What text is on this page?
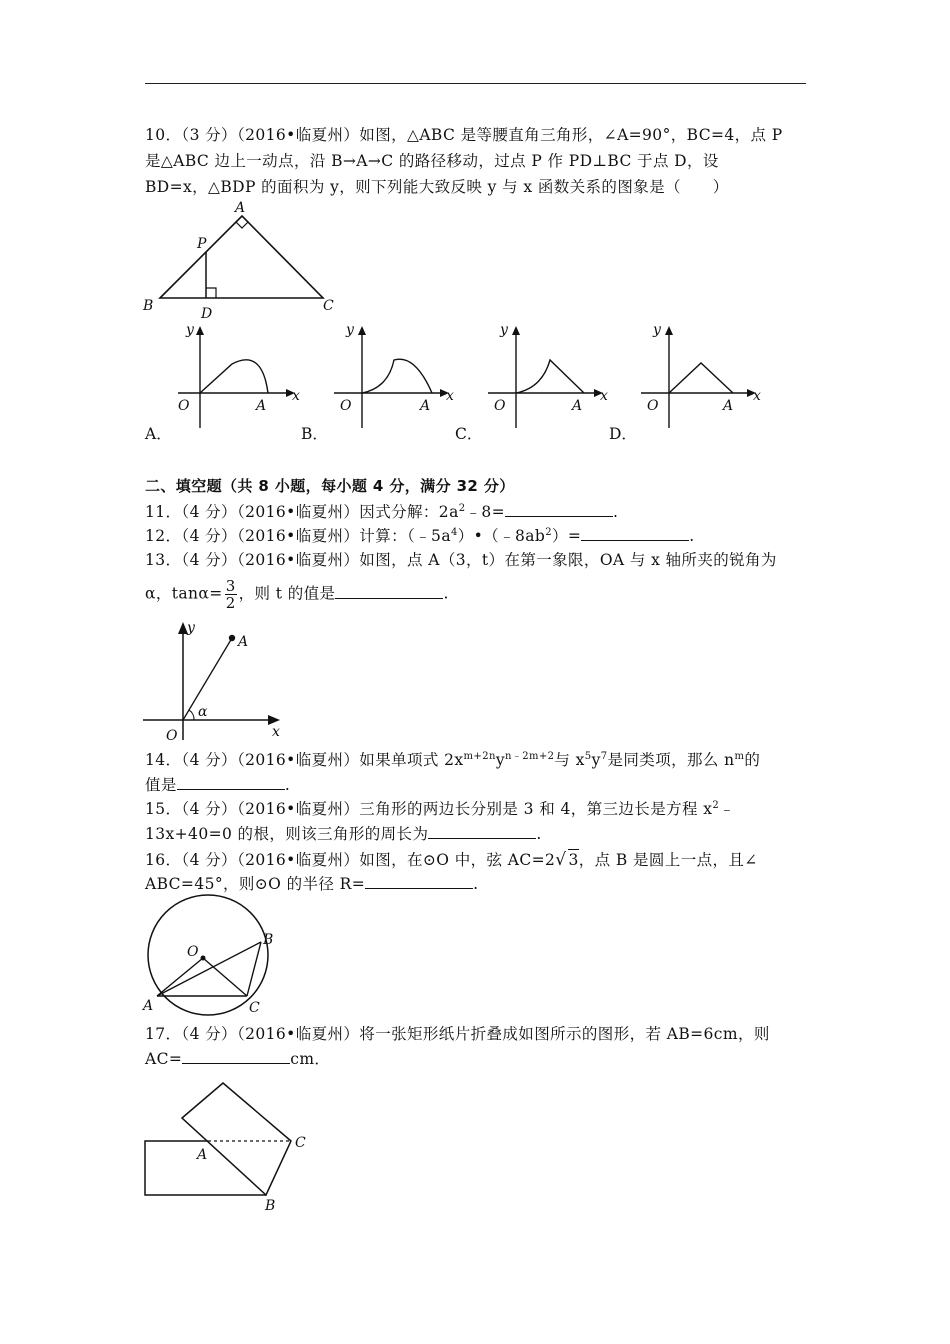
10．（3 分）（2016•临夏州）如图，△ABC 是等腰直角三角形，∠A=90°，BC=4，点 P
是△ABC 边上一动点，沿 B→A→C 的路径移动，过点 P 作 PD⊥BC 于点 D，设
BD=x，△BDP 的面积为 y，则下列能大致反映 y 与 x 函数关系的图象是（　　）
A
B	C
P
D
y
x
O	A
y
x
O	A
y
x
O	A
y
x
O	A
A．	B．	C．	D．
二、填空题（共 8 小题，每小题 4 分，满分 32 分）
11．（4 分）（2016•临夏州）因式分解：$2a^2﹣8=$	.
12．（4 分）（2016•临夏州）计算：$(﹣5a^4)•(﹣8ab^2)=$	.
13．（4 分）（2016•临夏州）如图，点 A（3，t）在第一象限，OA 与 x 轴所夹的锐角为
α，$\tan\alpha= \frac{3}{2}$ ，则 t 的值是	.
y
x
O
A
α
14．（4 分）（2016•临夏州）如果单项式 $2x^{m+2n}y^{n﹣2m+2}$与 $x^5y^7$是同类项，那么 $n^m$的
值是	.
15．（4 分）（2016•临夏州）三角形的两边长分别是 3 和 4，第三边长是方程 $x^2﹣$
13x+40=0 的根，则该三角形的周长为	.
16．（4 分）（2016•临夏州）如图，在⊙O 中，弦 AC=2√ 3，点 B 是圆上一点，且∠
ABC=45°，则⊙O 的半径 R=	.
O
A
B
C
17．（4 分）（2016•临夏州）将一张矩形纸片折叠成如图所示的图形，若 AB=6cm，则
AC=	cm．
A
B
C
